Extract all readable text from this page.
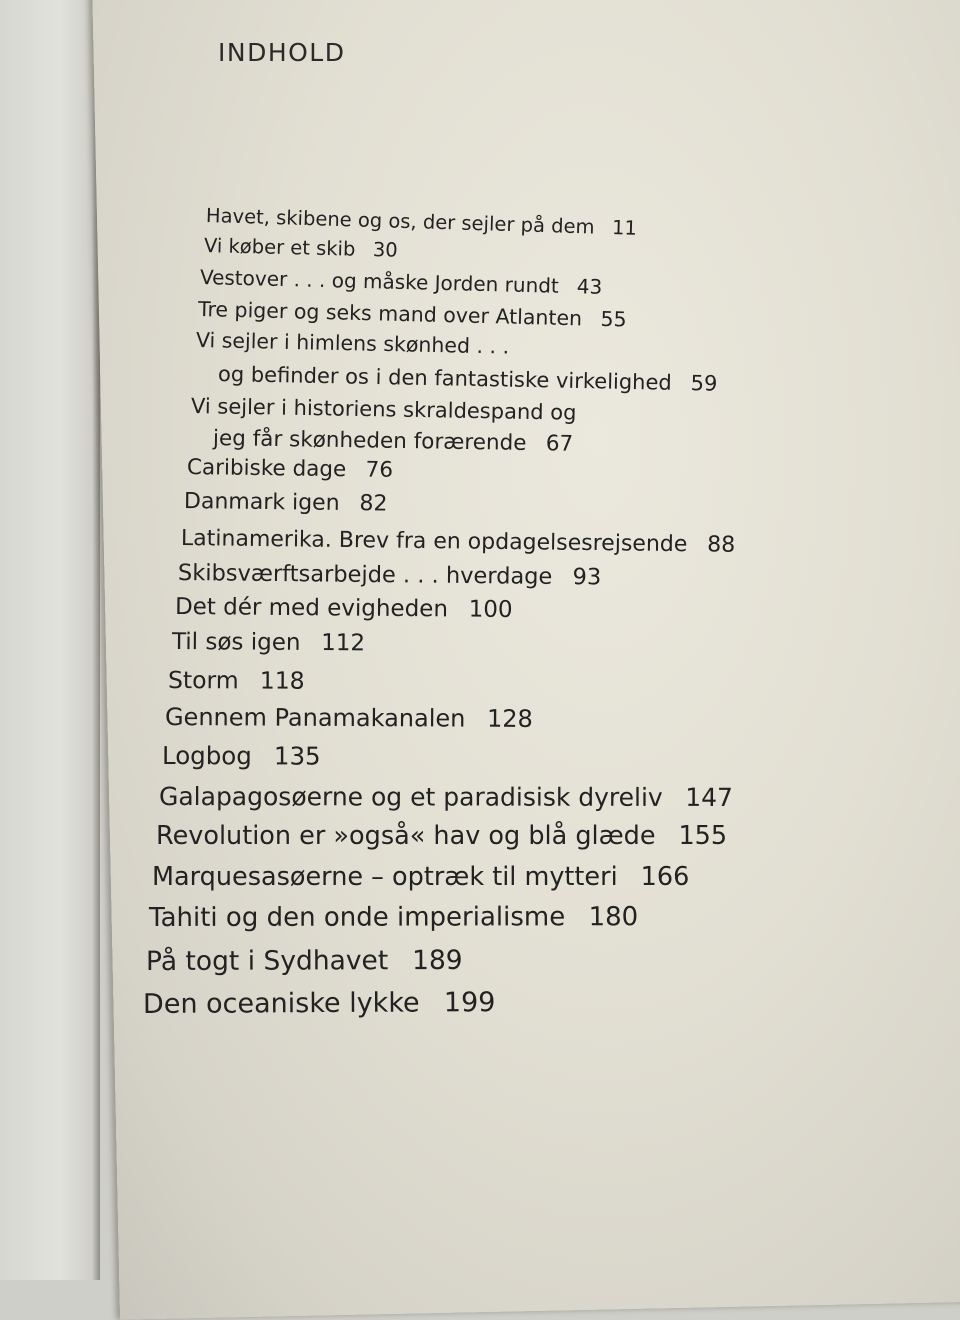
INDHOLD
Havet, skibene og os, der sejler på dem 11
Vi køber et skib 30
Vestover . . . og måske Jorden rundt 43
Tre piger og seks mand over Atlanten 55
Vi sejler i himlens skønhed . . .
og befinder os i den fantastiske virkelighed 59
Vi sejler i historiens skraldespand og
jeg får skønheden forærende 67
Caribiske dage 76
Danmark igen 82
Latinamerika. Brev fra en opdagelsesrejsende 88
Skibsværftsarbejde . . . hverdage 93
Det dér med evigheden 100
Til søs igen 112
Storm 118
Gennem Panamakanalen 128
Logbog 135
Galapagosøerne og et paradisisk dyreliv 147
Revolution er »også« hav og blå glæde 155
Marquesasøerne – optræk til mytteri 166
Tahiti og den onde imperialisme 180
På togt i Sydhavet 189
Den oceaniske lykke 199
